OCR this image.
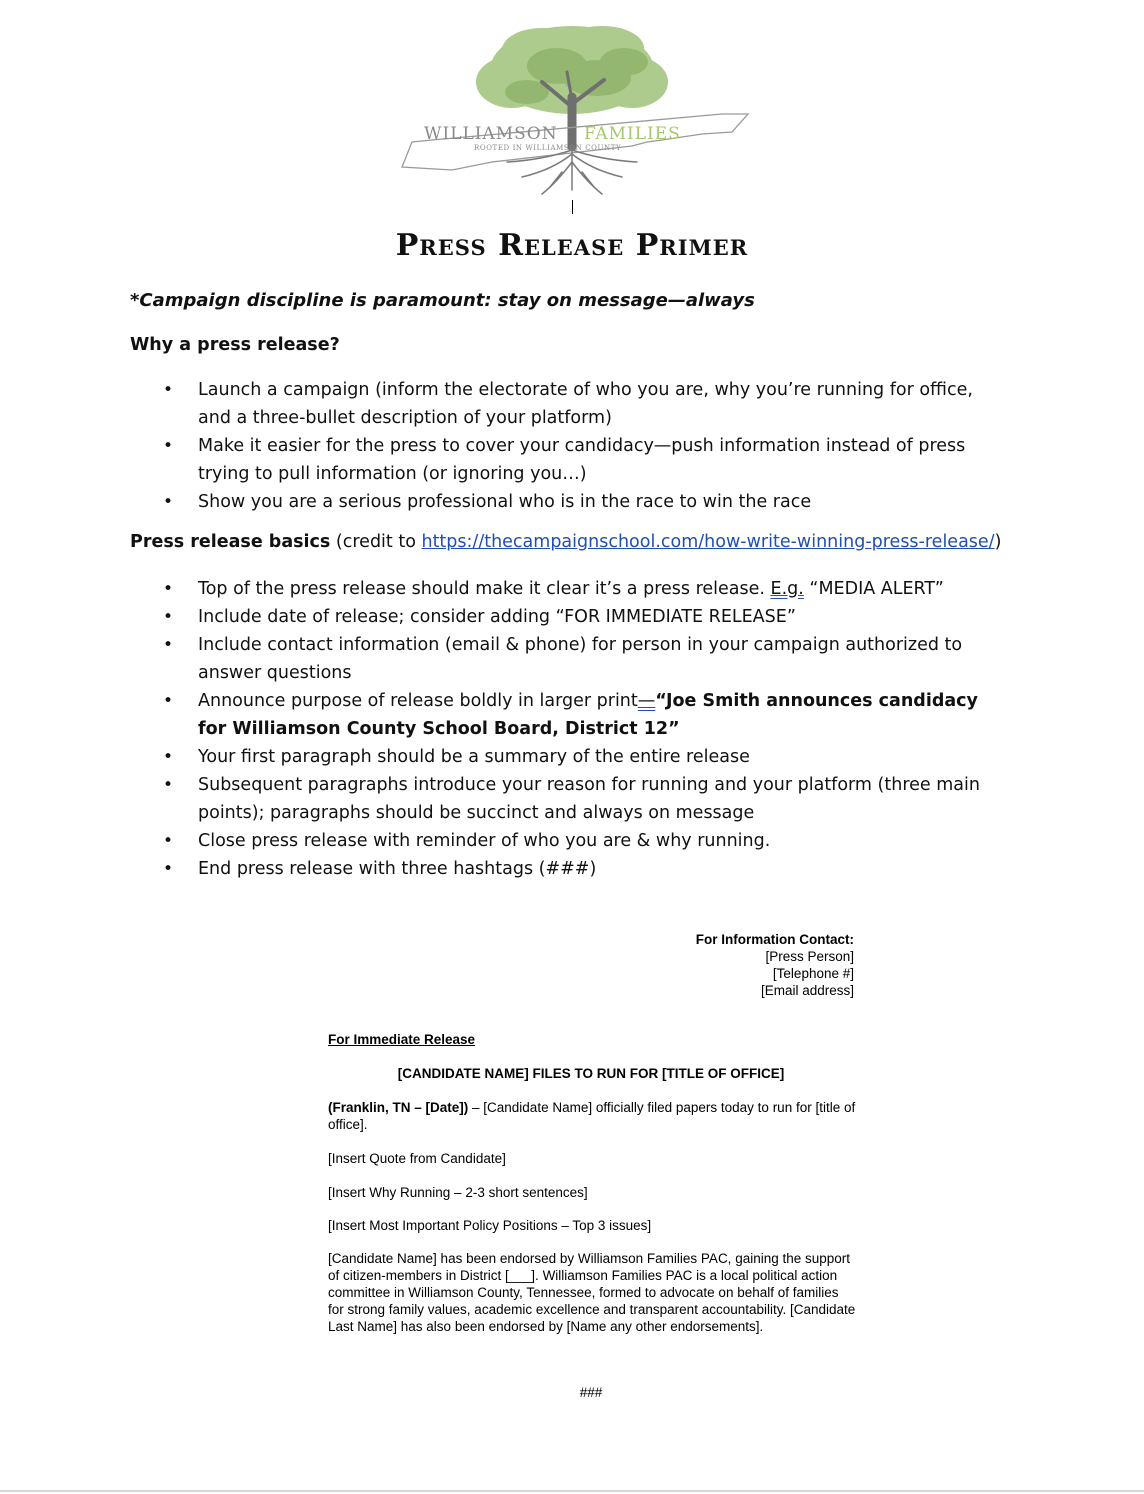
WILLIAMSON FAMILIES
ROOTED IN WILLIAMSON COUNTY
Press Release Primer
*Campaign discipline is paramount: stay on message—always
Why a press release?
• Launch a campaign (inform the electorate of who you are, why you’re running for office, and a three-bullet description of your platform)
• Make it easier for the press to cover your candidacy—push information instead of press trying to pull information (or ignoring you…)
• Show you are a serious professional who is in the race to win the race
Press release basics (credit to https://thecampaignschool.com/how-write-winning-press-release/)
• Top of the press release should make it clear it’s a press release. E.g. “MEDIA ALERT”
• Include date of release; consider adding “FOR IMMEDIATE RELEASE”
• Include contact information (email & phone) for person in your campaign authorized to answer questions
• Announce purpose of release boldly in larger print—“Joe Smith announces candidacy for Williamson County School Board, District 12”
• Your first paragraph should be a summary of the entire release
• Subsequent paragraphs introduce your reason for running and your platform (three main points); paragraphs should be succinct and always on message
• Close press release with reminder of who you are & why running.
• End press release with three hashtags (###)
For Information Contact:
[Press Person]
[Telephone #]
[Email address]
For Immediate Release
[CANDIDATE NAME] FILES TO RUN FOR [TITLE OF OFFICE]
(Franklin, TN – [Date]) – [Candidate Name] officially filed papers today to run for [title of office].
[Insert Quote from Candidate]
[Insert Why Running – 2-3 short sentences]
[Insert Most Important Policy Positions – Top 3 issues]
[Candidate Name] has been endorsed by Williamson Families PAC, gaining the support of citizen-members in District [___]. Williamson Families PAC is a local political action committee in Williamson County, Tennessee, formed to advocate on behalf of families for strong family values, academic excellence and transparent accountability. [Candidate Last Name] has also been endorsed by [Name any other endorsements].
###
